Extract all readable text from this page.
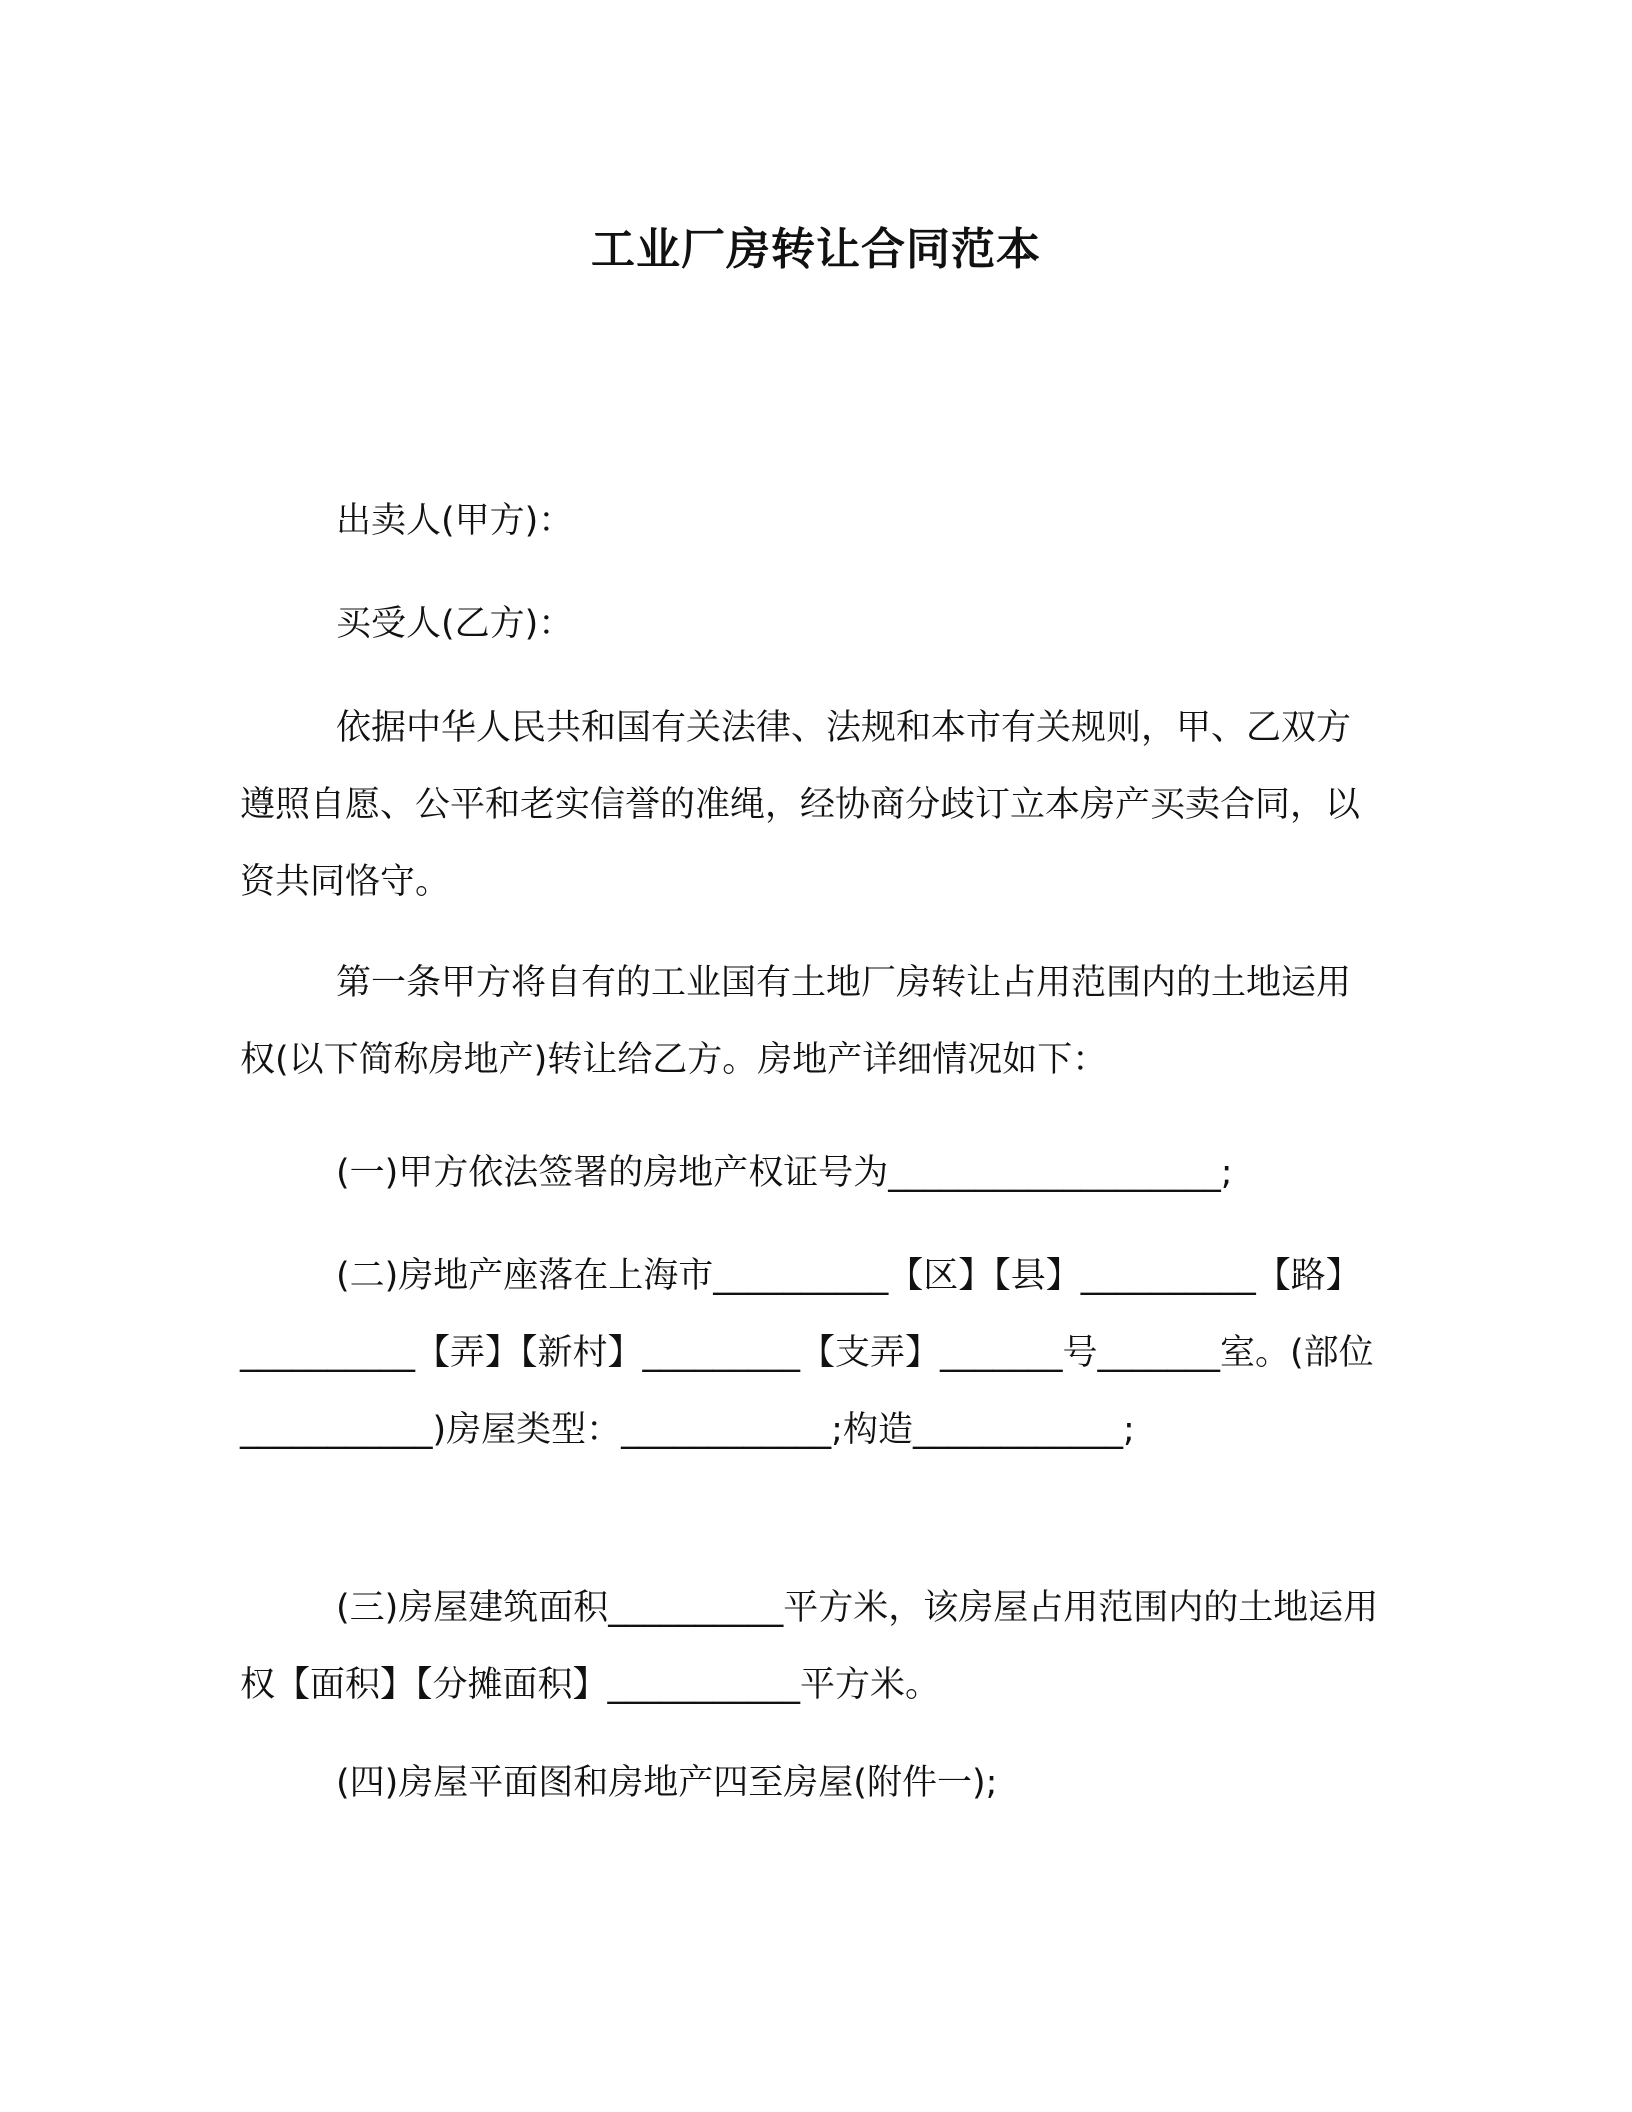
工业厂房转让合同范本
出卖人(甲方)：
买受人(乙方)：
依据中华人民共和国有关法律、法规和本市有关规则，甲、乙双方遵照自愿、公平和老实信誉的准绳，经协商分歧订立本房产买卖合同，以资共同恪守。
第一条甲方将自有的工业国有土地厂房转让占用范围内的土地运用权(以下简称房地产)转让给乙方。房地产详细情况如下：
(一)甲方依法签署的房地产权证号为___________________;
(二)房地产座落在上海市__________【区】【县】__________【路】__________【弄】【新村】_________【支弄】_______号_______室。(部位___________)房屋类型：____________;构造____________;
(三)房屋建筑面积__________平方米，该房屋占用范围内的土地运用权【面积】【分摊面积】___________平方米。
(四)房屋平面图和房地产四至房屋(附件一);
